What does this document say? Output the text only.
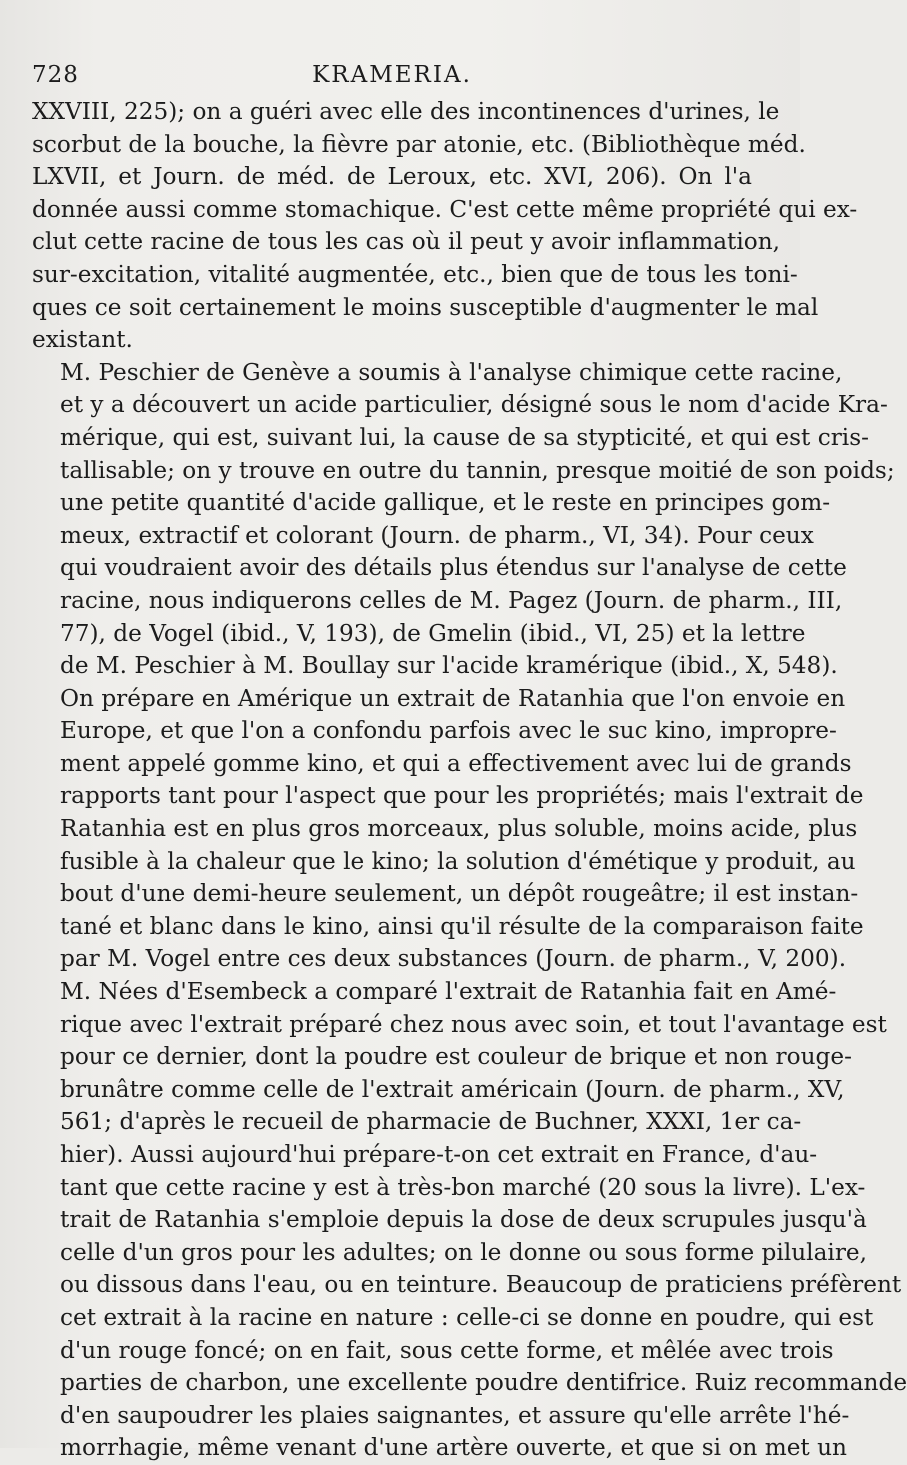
728	KRAMERIA.

XXVIII, 225); on a guéri avec elle des incontinences d'urines, le
scorbut de la bouche, la fièvre par atonie, etc. (Bibliothèque méd.
LXVII, et Journ. de méd. de Leroux, etc. XVI, 206). On l'a
donnée aussi comme stomachique. C'est cette même propriété qui ex-
clut cette racine de tous les cas où il peut y avoir inflammation,
sur-excitation, vitalité augmentée, etc., bien que de tous les toni-
ques ce soit certainement le moins susceptible d'augmenter le mal
existant.

M. Peschier de Genève a soumis à l'analyse chimique cette racine,
et y a découvert un acide particulier, désigné sous le nom d'acide Kra-
mérique, qui est, suivant lui, la cause de sa stypticité, et qui est cris-
tallisable; on y trouve en outre du tannin, presque moitié de son poids;
une petite quantité d'acide gallique, et le reste en principes gom-
meux, extractif et colorant (Journ. de pharm., VI, 34). Pour ceux
qui voudraient avoir des détails plus étendus sur l'analyse de cette
racine, nous indiquerons celles de M. Pagez (Journ. de pharm., III,
77), de Vogel (ibid., V, 193), de Gmelin (ibid., VI, 25) et la lettre
de M. Peschier à M. Boullay sur l'acide kramérique (ibid., X, 548).

On prépare en Amérique un extrait de Ratanhia que l'on envoie en
Europe, et que l'on a confondu parfois avec le suc kino, impropre-
ment appelé gomme kino, et qui a effectivement avec lui de grands
rapports tant pour l'aspect que pour les propriétés; mais l'extrait de
Ratanhia est en plus gros morceaux, plus soluble, moins acide, plus
fusible à la chaleur que le kino; la solution d'émétique y produit, au
bout d'une demi-heure seulement, un dépôt rougeâtre; il est instan-
tané et blanc dans le kino, ainsi qu'il résulte de la comparaison faite
par M. Vogel entre ces deux substances (Journ. de pharm., V, 200).
M. Nées d'Esembeck a comparé l'extrait de Ratanhia fait en Amé-
rique avec l'extrait préparé chez nous avec soin, et tout l'avantage est
pour ce dernier, dont la poudre est couleur de brique et non rouge-
brunâtre comme celle de l'extrait américain (Journ. de pharm., XV,
561; d'après le recueil de pharmacie de Buchner, XXXI, 1er ca-
hier). Aussi aujourd'hui prépare-t-on cet extrait en France, d'au-
tant que cette racine y est à très-bon marché (20 sous la livre). L'ex-
trait de Ratanhia s'emploie depuis la dose de deux scrupules jusqu'à
celle d'un gros pour les adultes; on le donne ou sous forme pilulaire,
ou dissous dans l'eau, ou en teinture. Beaucoup de praticiens préfèrent
cet extrait à la racine en nature : celle-ci se donne en poudre, qui est
d'un rouge foncé; on en fait, sous cette forme, et mêlée avec trois
parties de charbon, une excellente poudre dentifrice. Ruiz recommande
d'en saupoudrer les plaies saignantes, et assure qu'elle arrête l'hé-
morrhagie, même venant d'une artère ouverte, et que si on met un
